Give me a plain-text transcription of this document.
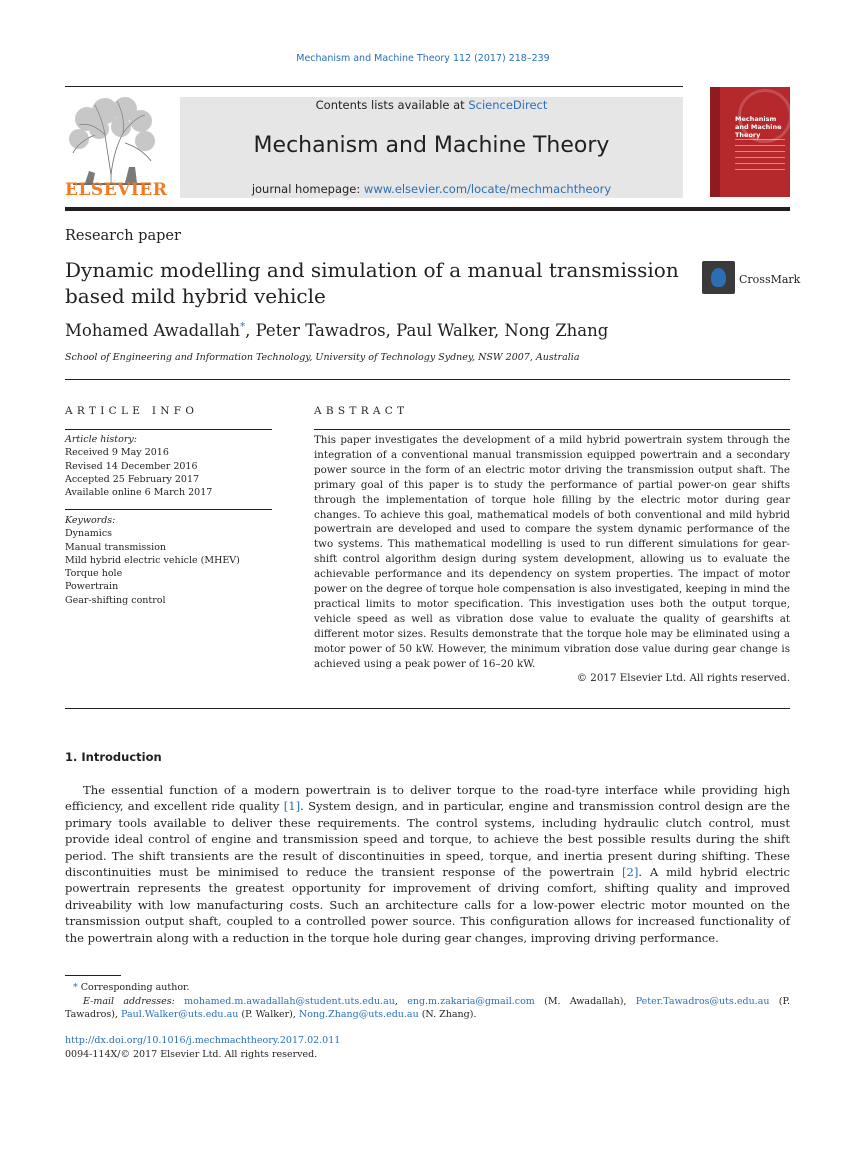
Mechanism and Machine Theory 112 (2017) 218–239
ELSEVIER
Contents lists available at ScienceDirect
Mechanism and Machine Theory
journal homepage: www.elsevier.com/locate/mechmachtheory
Mechanism and Machine Theory
Research paper
Dynamic modelling and simulation of a manual transmission based mild hybrid vehicle
CrossMark
Mohamed Awadallah*, Peter Tawadros, Paul Walker, Nong Zhang
School of Engineering and Information Technology, University of Technology Sydney, NSW 2007, Australia
ARTICLE INFO	ABSTRACT
Article history:
Received 9 May 2016
Revised 14 December 2016
Accepted 25 February 2017
Available online 6 March 2017
Keywords:
Dynamics
Manual transmission
Mild hybrid electric vehicle (MHEV)
Torque hole
Powertrain
Gear-shifting control
This paper investigates the development of a mild hybrid powertrain system through the integration of a conventional manual transmission equipped powertrain and a secondary power source in the form of an electric motor driving the transmission output shaft. The primary goal of this paper is to study the performance of partial power-on gear shifts through the implementation of torque hole filling by the electric motor during gear changes. To achieve this goal, mathematical models of both conventional and mild hybrid powertrain are developed and used to compare the system dynamic performance of the two systems. This mathematical modelling is used to run different simulations for gear-shift control algorithm design during system development, allowing us to evaluate the achievable performance and its dependency on system properties. The impact of motor power on the degree of torque hole compensation is also investigated, keeping in mind the practical limits to motor specification. This investigation uses both the output torque, vehicle speed as well as vibration dose value to evaluate the quality of gearshifts at different motor sizes. Results demonstrate that the torque hole may be eliminated using a motor power of 50 kW. However, the minimum vibration dose value during gear change is achieved using a peak power of 16–20 kW.
© 2017 Elsevier Ltd. All rights reserved.
1. Introduction
The essential function of a modern powertrain is to deliver torque to the road-tyre interface while providing high efficiency, and excellent ride quality [1]. System design, and in particular, engine and transmission control design are the primary tools available to deliver these requirements. The control systems, including hydraulic clutch control, must provide ideal control of engine and transmission speed and torque, to achieve the best possible results during the shift period. The shift transients are the result of discontinuities in speed, torque, and inertia present during shifting. These discontinuities must be minimised to reduce the transient response of the powertrain [2]. A mild hybrid electric powertrain represents the greatest opportunity for improvement of driving comfort, shifting quality and improved driveability with low manufacturing costs. Such an architecture calls for a low-power electric motor mounted on the transmission output shaft, coupled to a controlled power source. This configuration allows for increased functionality of the powertrain along with a reduction in the torque hole during gear changes, improving driving performance.
* Corresponding author.
E-mail addresses: mohamed.m.awadallah@student.uts.edu.au, eng.m.zakaria@gmail.com (M. Awadallah), Peter.Tawadros@uts.edu.au (P. Tawadros), Paul.Walker@uts.edu.au (P. Walker), Nong.Zhang@uts.edu.au (N. Zhang).
http://dx.doi.org/10.1016/j.mechmachtheory.2017.02.011
0094-114X/© 2017 Elsevier Ltd. All rights reserved.
